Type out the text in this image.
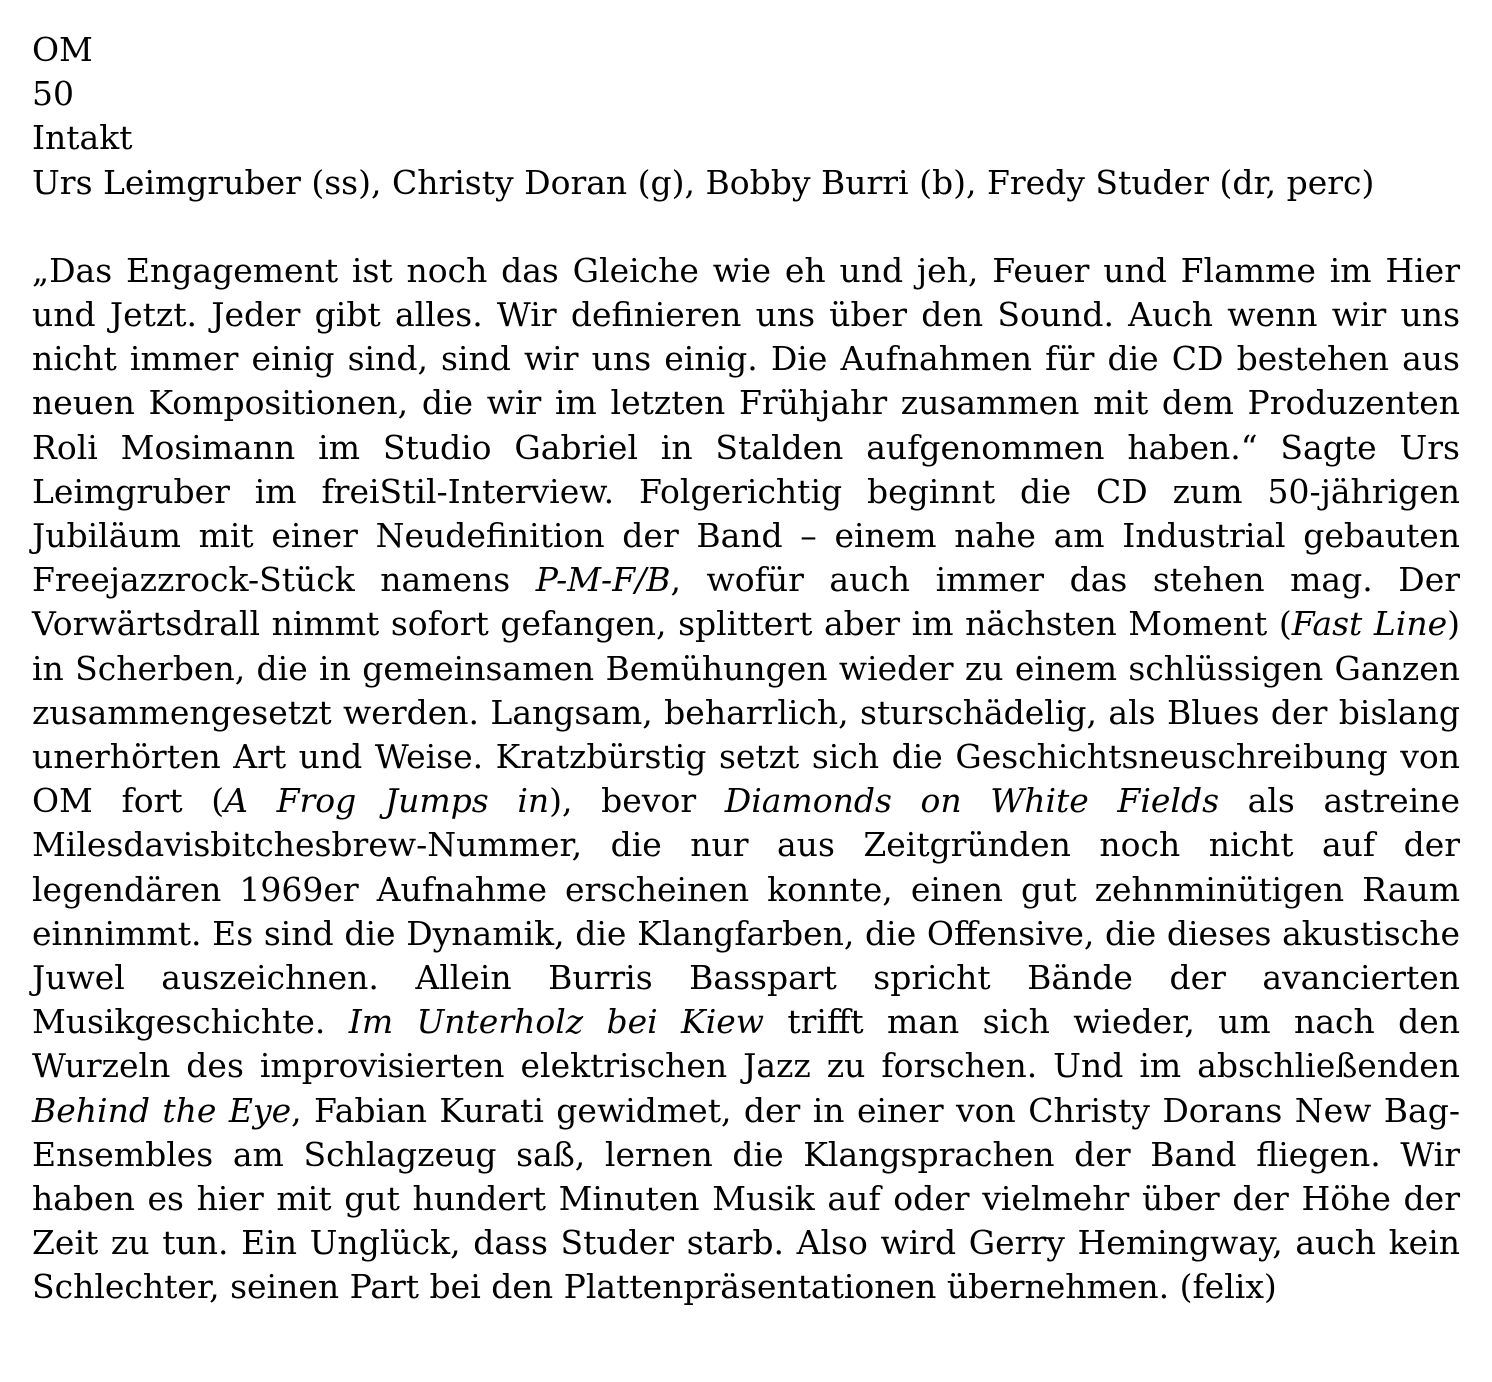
OM
50
Intakt
Urs Leimgruber (ss), Christy Doran (g), Bobby Burri (b), Fredy Studer (dr, perc)

„Das Engagement ist noch das Gleiche wie eh und jeh, Feuer und Flamme im Hier und Jetzt. Jeder gibt alles. Wir definieren uns über den Sound. Auch wenn wir uns nicht immer einig sind, sind wir uns einig. Die Aufnahmen für die CD bestehen aus neuen Kompositionen, die wir im letzten Frühjahr zusammen mit dem Produzenten Roli Mosimann im Studio Gabriel in Stalden aufgenommen haben.“ Sagte Urs Leimgruber im freiStil-Interview. Folgerichtig beginnt die CD zum 50-jährigen Jubiläum mit einer Neudefinition der Band – einem nahe am Industrial gebauten Freejazzrock-Stück namens P-M-F/B, wofür auch immer das stehen mag. Der Vorwärtsdrall nimmt sofort gefangen, splittert aber im nächsten Moment (Fast Line) in Scherben, die in gemeinsamen Bemühungen wieder zu einem schlüssigen Ganzen zusammengesetzt werden. Langsam, beharrlich, sturschädelig, als Blues der bislang unerhörten Art und Weise. Kratzbürstig setzt sich die Geschichtsneuschreibung von OM fort (A Frog Jumps in), bevor Diamonds on White Fields als astreine Milesdavisbitchesbrew-Nummer, die nur aus Zeitgründen noch nicht auf der legendären 1969er Aufnahme erscheinen konnte, einen gut zehnminütigen Raum einnimmt. Es sind die Dynamik, die Klangfarben, die Offensive, die dieses akustische Juwel auszeichnen. Allein Burris Basspart spricht Bände der avancierten Musikgeschichte. Im Unterholz bei Kiew trifft man sich wieder, um nach den Wurzeln des improvisierten elektrischen Jazz zu forschen. Und im abschließenden Behind the Eye, Fabian Kurati gewidmet, der in einer von Christy Dorans New Bag-Ensembles am Schlagzeug saß, lernen die Klangsprachen der Band fliegen. Wir haben es hier mit gut hundert Minuten Musik auf oder vielmehr über der Höhe der Zeit zu tun. Ein Unglück, dass Studer starb. Also wird Gerry Hemingway, auch kein Schlechter, seinen Part bei den Plattenpräsentationen übernehmen. (felix)
